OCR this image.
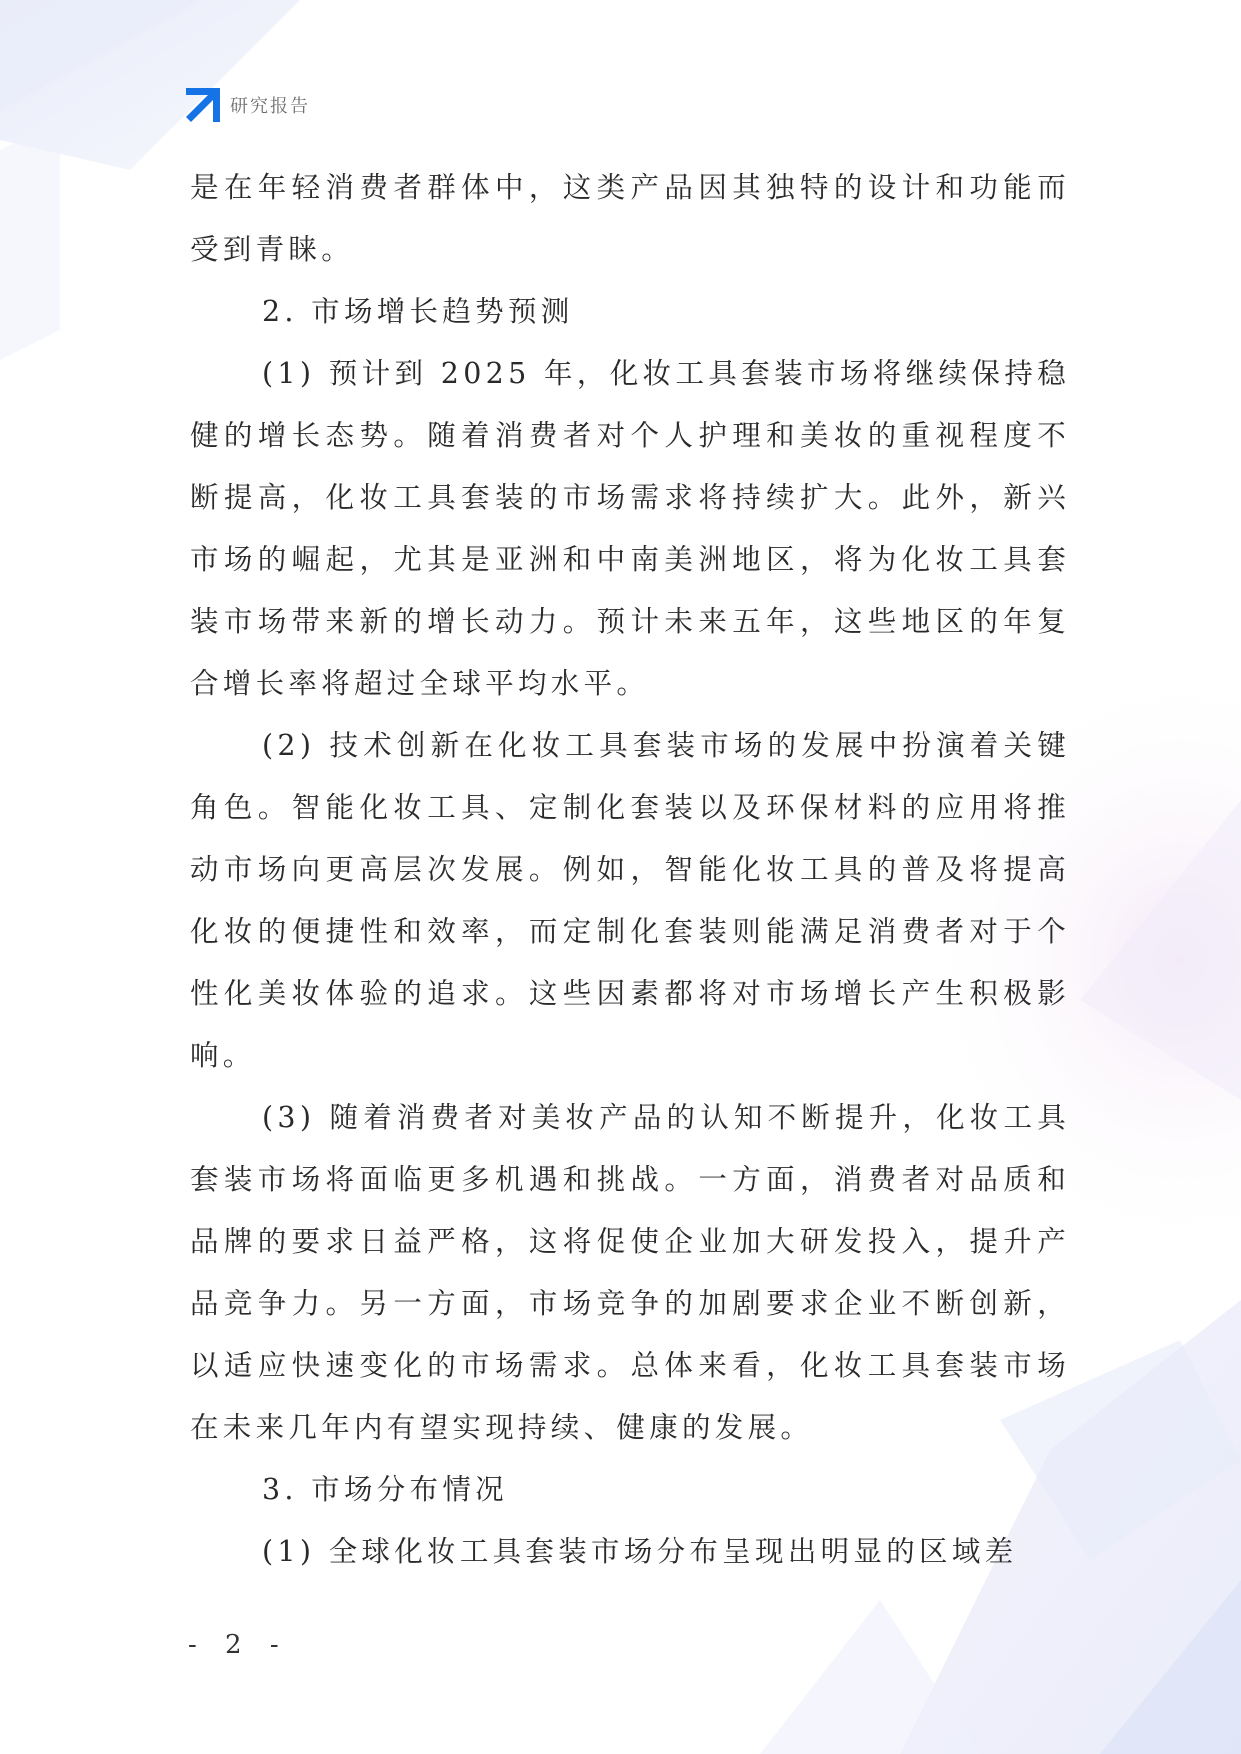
研究报告

是在年轻消费者群体中，这类产品因其独特的设计和功能而受到青睐。

2. 市场增长趋势预测

(1) 预计到 2025 年，化妆工具套装市场将继续保持稳健的增长态势。随着消费者对个人护理和美妆的重视程度不断提高，化妆工具套装的市场需求将持续扩大。此外，新兴市场的崛起，尤其是亚洲和中南美洲地区，将为化妆工具套装市场带来新的增长动力。预计未来五年，这些地区的年复合增长率将超过全球平均水平。

(2) 技术创新在化妆工具套装市场的发展中扮演着关键角色。智能化妆工具、定制化套装以及环保材料的应用将推动市场向更高层次发展。例如，智能化妆工具的普及将提高化妆的便捷性和效率，而定制化套装则能满足消费者对于个性化美妆体验的追求。这些因素都将对市场增长产生积极影响。

(3) 随着消费者对美妆产品的认知不断提升，化妆工具套装市场将面临更多机遇和挑战。一方面，消费者对品质和品牌的要求日益严格，这将促使企业加大研发投入，提升产品竞争力。另一方面，市场竞争的加剧要求企业不断创新，以适应快速变化的市场需求。总体来看，化妆工具套装市场在未来几年内有望实现持续、健康的发展。

3. 市场分布情况

(1) 全球化妆工具套装市场分布呈现出明显的区域差

- 2 -
